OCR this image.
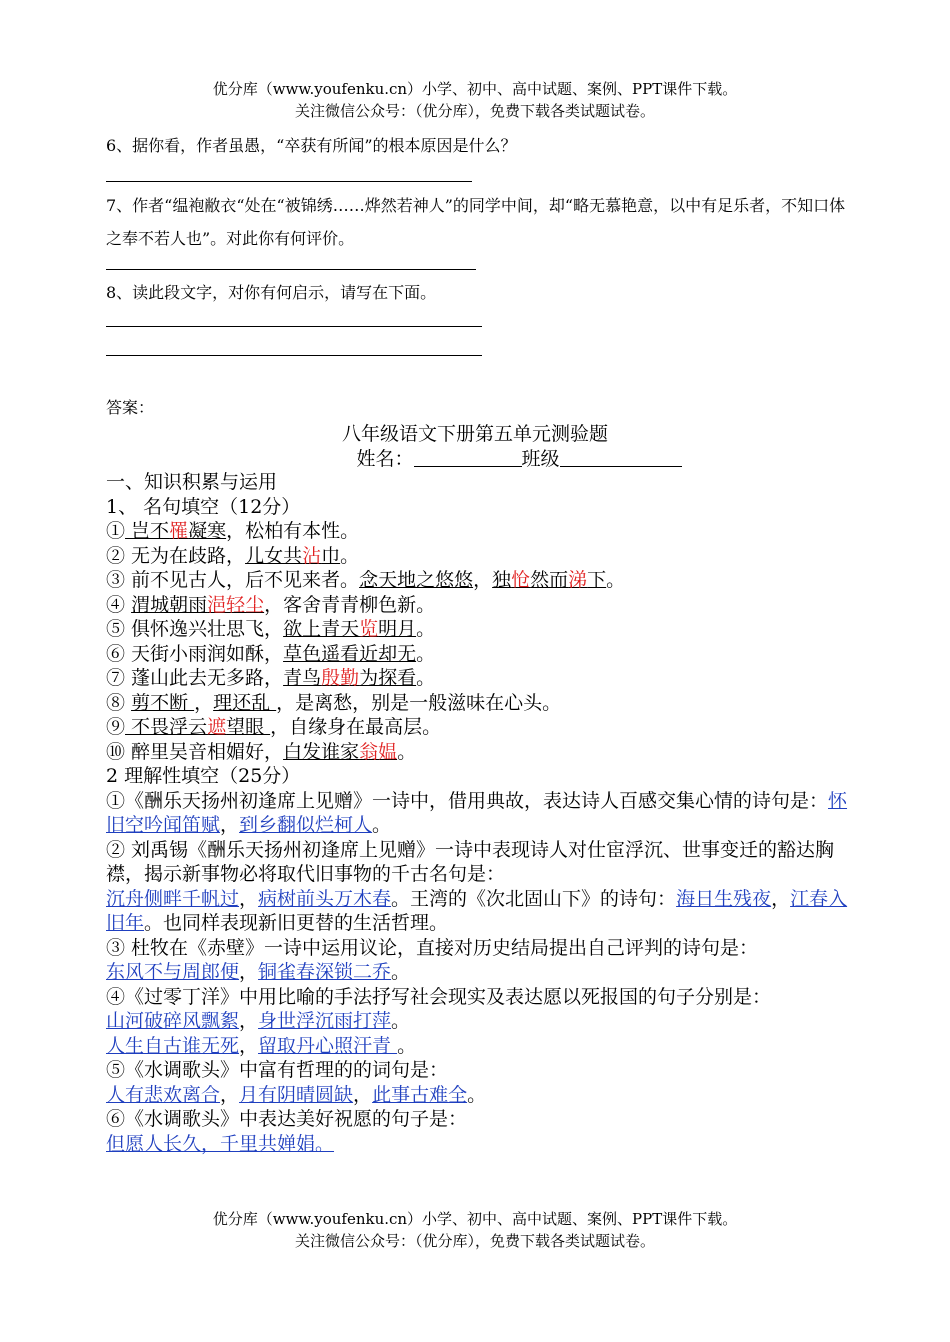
优分库（www.youfenku.cn）小学、初中、高中试题、案例、PPT课件下载。
关注微信公众号：（优分库），免费下载各类试题试卷。
6、据你看，作者虽愚，“卒获有所闻”的根本原因是什么？
7、作者“缊袍敝衣“处在“被锦绣……烨然若神人”的同学中间，却“略无慕艳意，以中有足乐者，不知口体之奉不若人也”。对此你有何评价。
8、读此段文字，对你有何启示，请写在下面。
答案：
八年级语文下册第五单元测验题
姓名：	班级
一、知识积累与运用
1、 名句填空（12分）
① 岂不罹凝寒，松柏有本性。
② 无为在歧路，儿女共沾巾。
③ 前不见古人，后不见来者。念天地之悠悠，独怆然而涕下。
④ 渭城朝雨浥轻尘，客舍青青柳色新。
⑤ 俱怀逸兴壮思飞，欲上青天览明月。
⑥ 天街小雨润如酥，草色遥看近却无。
⑦ 蓬山此去无多路，青鸟殷勤为探看。
⑧ 剪不断 ，理还乱 ，是离愁，别是一般滋味在心头。
⑨ 不畏浮云遮望眼 ，自缘身在最高层。
⑩ 醉里吴音相媚好，白发谁家翁媪。
2 理解性填空（25分）
①《酬乐天扬州初逢席上见赠》一诗中，借用典故，表达诗人百感交集心情的诗句是：怀旧空吟闻笛赋，到乡翻似烂柯人。
② 刘禹锡《酬乐天扬州初逢席上见赠》一诗中表现诗人对仕宦浮沉、世事变迁的豁达胸襟，揭示新事物必将取代旧事物的千古名句是：
沉舟侧畔千帆过，病树前头万木春。王湾的《次北固山下》的诗句：海日生残夜，江春入旧年。也同样表现新旧更替的生活哲理。
③ 杜牧在《赤壁》一诗中运用议论，直接对历史结局提出自己评判的诗句是：
东风不与周郎便，铜雀春深锁二乔。
④《过零丁洋》中用比喻的手法抒写社会现实及表达愿以死报国的句子分别是：
山河破碎风飘絮，身世浮沉雨打萍。
人生自古谁无死，留取丹心照汗青 。
⑤《水调歌头》中富有哲理的的词句是：
人有悲欢离合，月有阴晴圆缺，此事古难全。
⑥《水调歌头》中表达美好祝愿的句子是：
但愿人长久，千里共婵娟。
优分库（www.youfenku.cn）小学、初中、高中试题、案例、PPT课件下载。
关注微信公众号：（优分库），免费下载各类试题试卷。
